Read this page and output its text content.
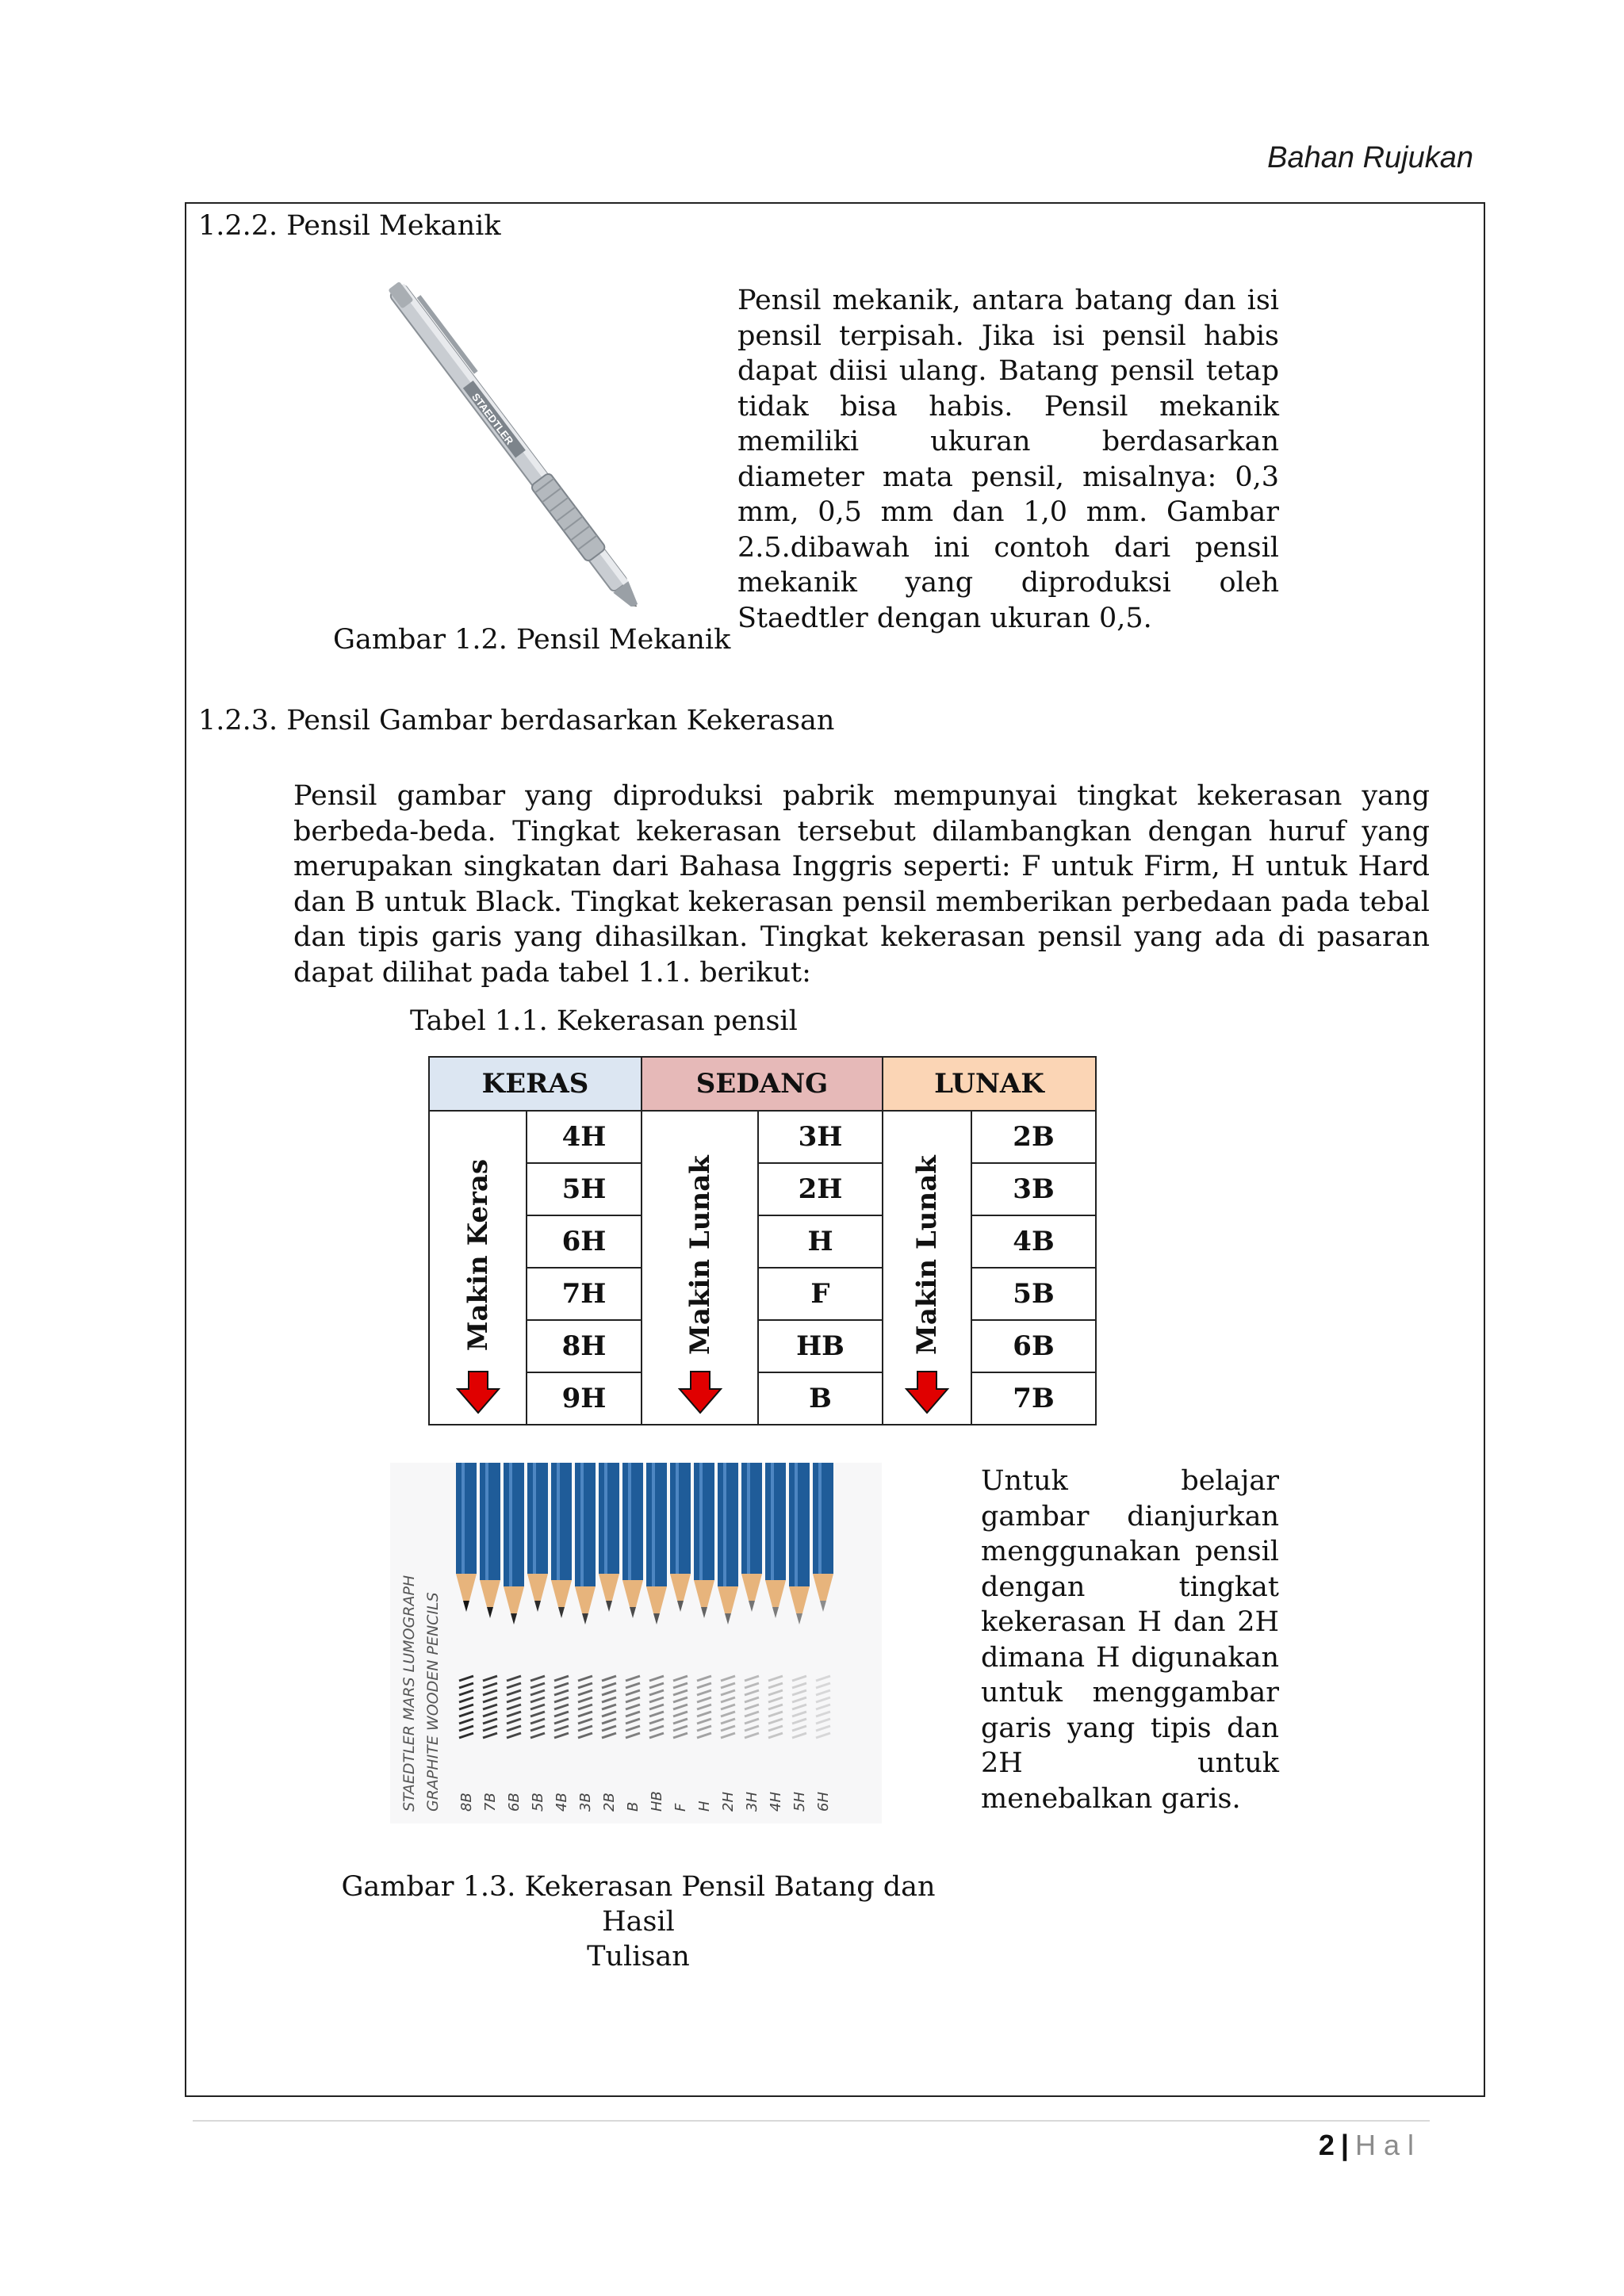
Bahan Rujukan
1.2.2. Pensil Mekanik
STAEDTLER
Pensil mekanik, antara batang dan isi pensil terpisah. Jika isi pensil habis dapat diisi ulang. Batang pensil tetap tidak bisa habis. Pensil mekanik memiliki ukuran berdasarkan diameter mata pensil, misalnya: 0,3 mm, 0,5 mm dan 1,0 mm. Gambar 2.5.dibawah ini contoh dari pensil mekanik yang diproduksi oleh Staedtler dengan ukuran 0,5.
Gambar 1.2. Pensil Mekanik
1.2.3. Pensil Gambar berdasarkan Kekerasan
Pensil gambar yang diproduksi pabrik mempunyai tingkat kekerasan yang berbeda-beda. Tingkat kekerasan tersebut dilambangkan dengan huruf yang merupakan singkatan dari Bahasa Inggris seperti: F untuk Firm, H untuk Hard dan B untuk Black. Tingkat kekerasan pensil memberikan perbedaan pada tebal dan tipis garis yang dihasilkan. Tingkat kekerasan pensil yang ada di pasaran dapat dilihat pada tabel 1.1. berikut:
Tabel 1.1. Kekerasan pensil
KERAS		SEDANG		LUNAK	

Makin Keras	4H	Makin Lunak	3H	Makin Lunak	2B
	5H		2H		3B
	6H		H		4B
	7H		F		5B
	8H		HB		6B
	9H		B		7B
STAEDTLER MARS LUMOGRAPH GRAPHITE WOODEN PENCILS 8B 7B 6B 5B 4B 3B 2B B HB F H 2H 3H 4H 5H 6H
Untuk belajar gambar dianjurkan menggunakan pensil dengan tingkat kekerasan H dan 2H dimana H digunakan untuk menggambar garis yang tipis dan 2H untuk menebalkan garis.
Gambar 1.3. Kekerasan Pensil Batang dan Hasil
Tulisan
2 | Hal
